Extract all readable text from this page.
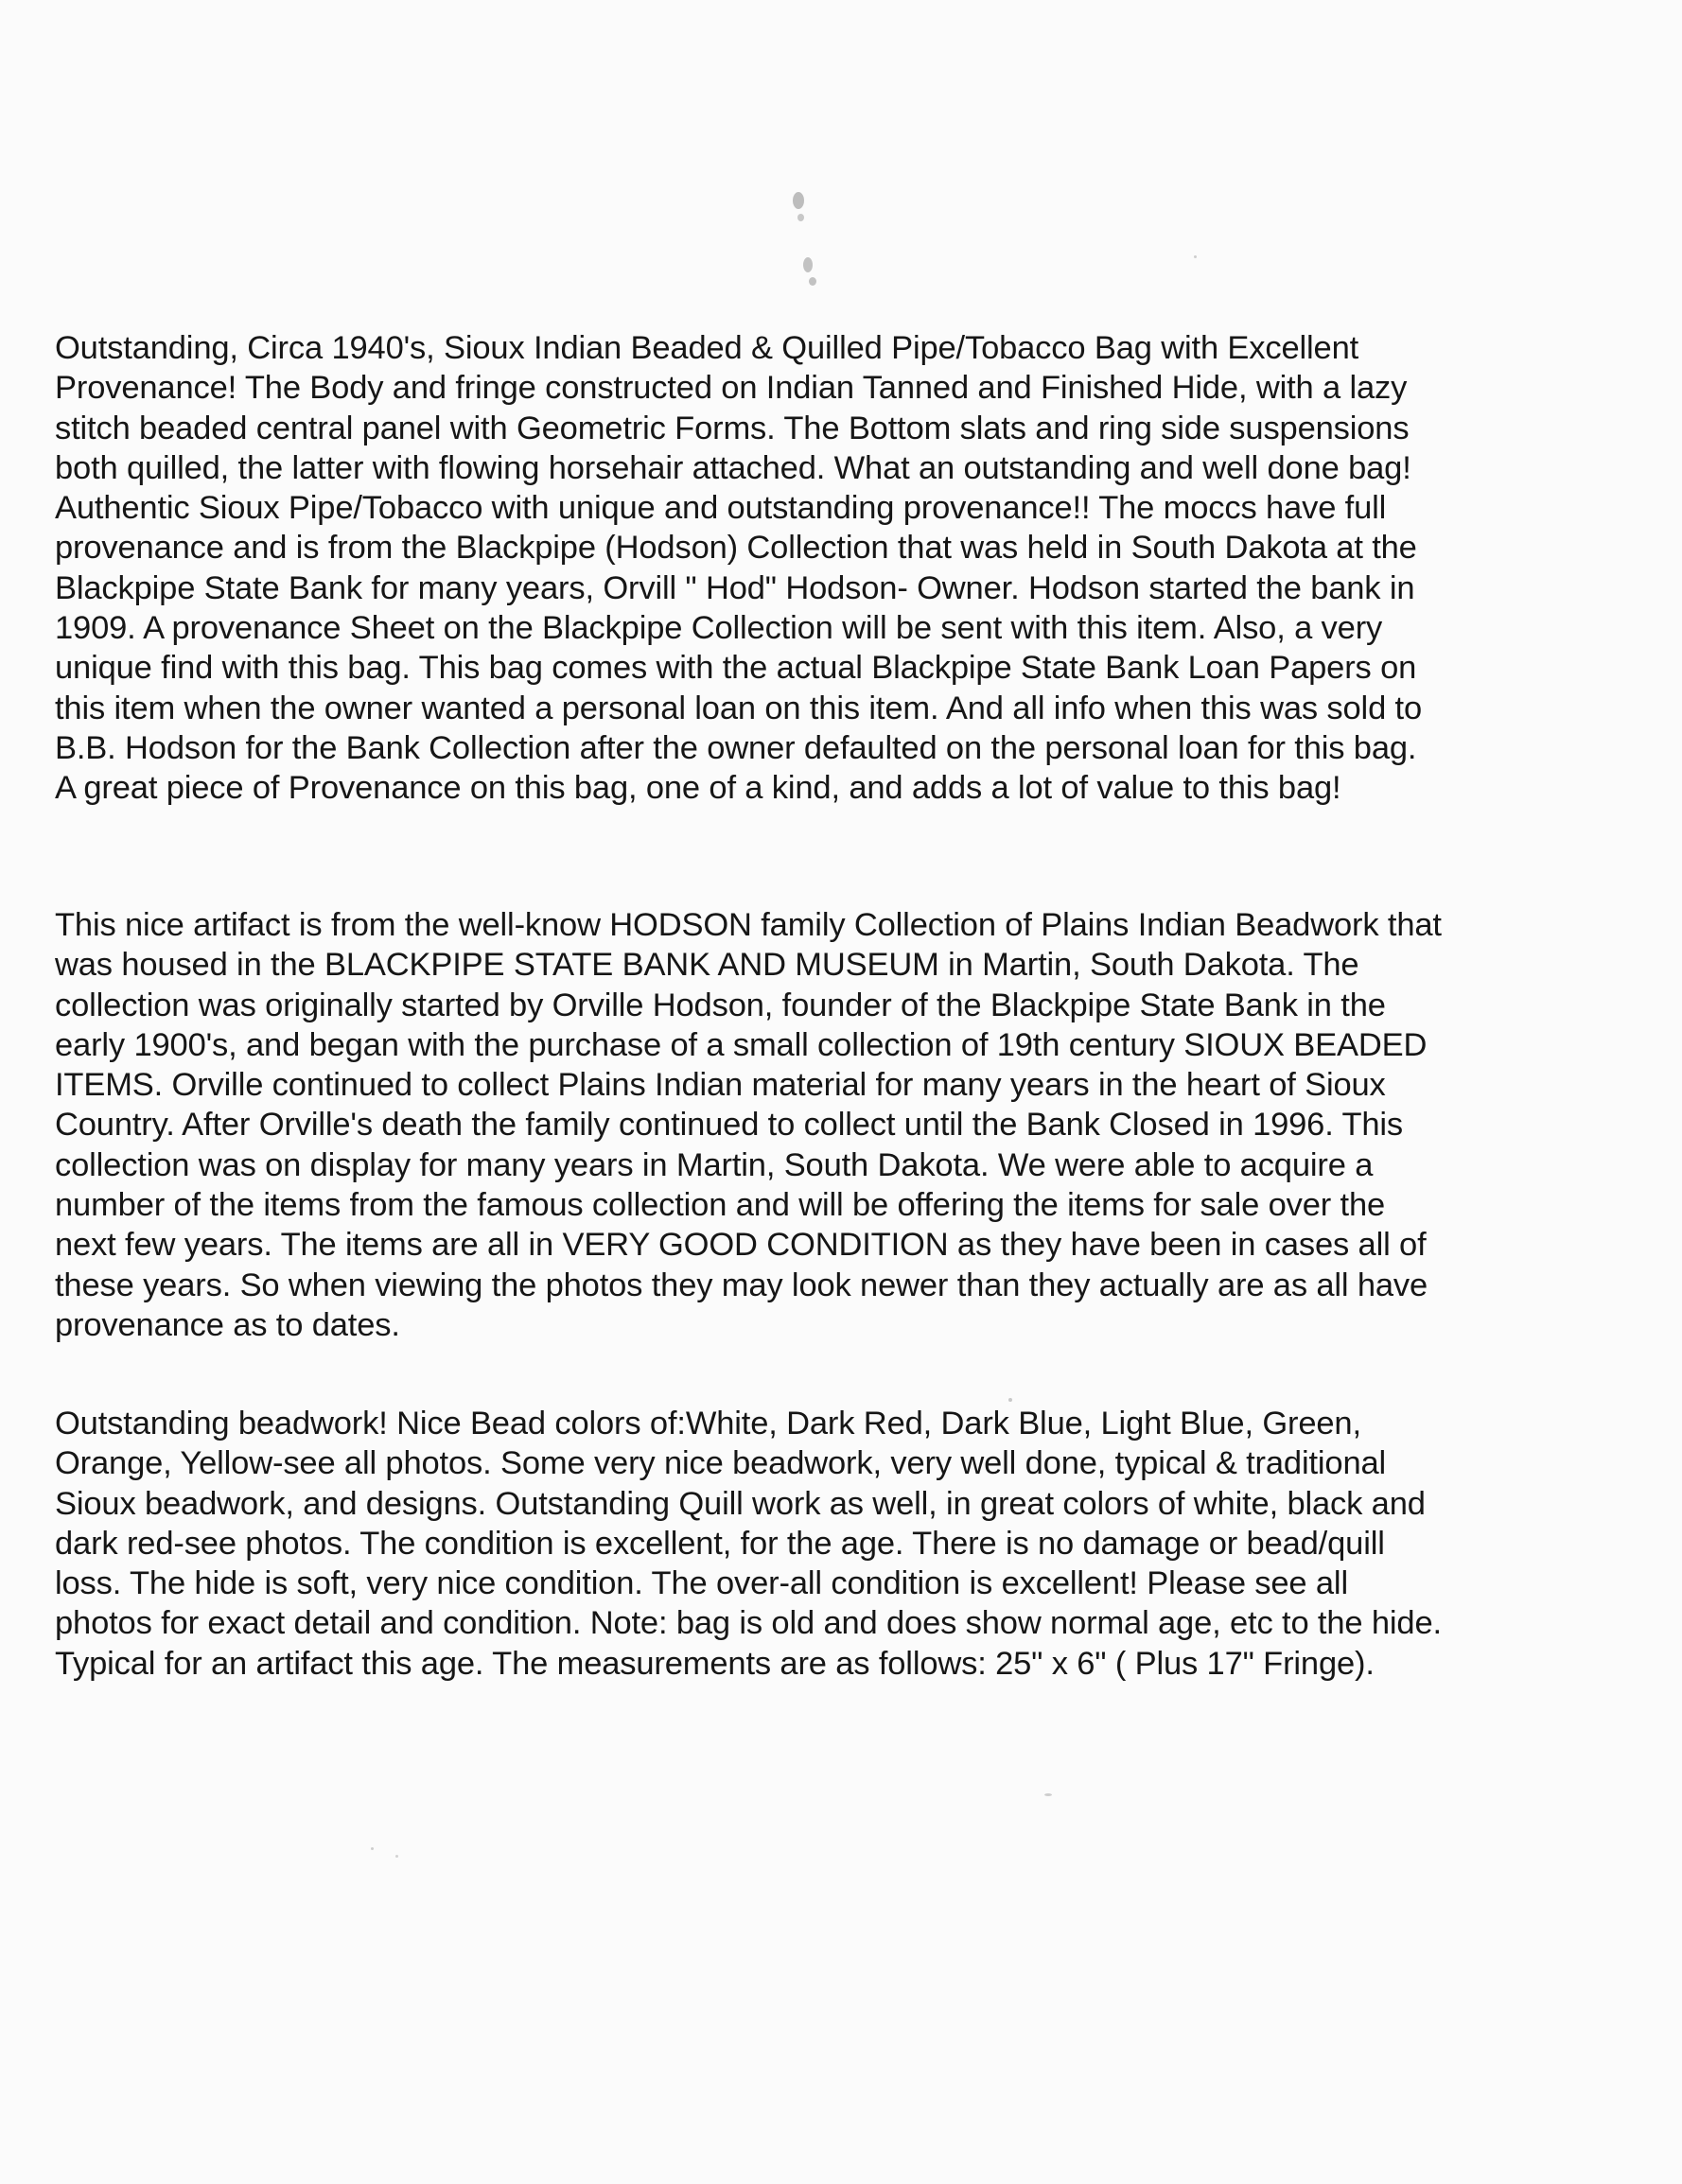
Outstanding, Circa 1940's, Sioux Indian Beaded & Quilled Pipe/Tobacco Bag with Excellent
Provenance! The Body and fringe constructed on Indian Tanned and Finished Hide, with a lazy
stitch beaded central panel with Geometric Forms. The Bottom slats and ring side suspensions
both quilled, the latter with flowing horsehair attached. What an outstanding and well done bag!
Authentic Sioux Pipe/Tobacco with unique and outstanding provenance!! The moccs have full
provenance and is from the Blackpipe (Hodson) Collection that was held in South Dakota at the
Blackpipe State Bank for many years, Orvill " Hod" Hodson- Owner. Hodson started the bank in
1909. A provenance Sheet on the Blackpipe Collection will be sent with this item. Also, a very
unique find with this bag. This bag comes with the actual Blackpipe State Bank Loan Papers on
this item when the owner wanted a personal loan on this item. And all info when this was sold to
B.B. Hodson for the Bank Collection after the owner defaulted on the personal loan for this bag.
A great piece of Provenance on this bag, one of a kind, and adds a lot of value to this bag!
This nice artifact is from the well-know HODSON family Collection of Plains Indian Beadwork that
was housed in the BLACKPIPE STATE BANK AND MUSEUM in Martin, South Dakota. The
collection was originally started by Orville Hodson, founder of the Blackpipe State Bank in the
early 1900's, and began with the purchase of a small collection of 19th century SIOUX BEADED
ITEMS. Orville continued to collect Plains Indian material for many years in the heart of Sioux
Country. After Orville's death the family continued to collect until the Bank Closed in 1996. This
collection was on display for many years in Martin, South Dakota. We were able to acquire a
number of the items from the famous collection and will be offering the items for sale over the
next few years. The items are all in VERY GOOD CONDITION as they have been in cases all of
these years. So when viewing the photos they may look newer than they actually are as all have
provenance as to dates.
Outstanding beadwork! Nice Bead colors of:White, Dark Red, Dark Blue, Light Blue, Green,
Orange, Yellow-see all photos. Some very nice beadwork, very well done, typical & traditional
Sioux beadwork, and designs. Outstanding Quill work as well, in great colors of white, black and
dark red-see photos. The condition is excellent, for the age. There is no damage or bead/quill
loss. The hide is soft, very nice condition. The over-all condition is excellent! Please see all
photos for exact detail and condition. Note: bag is old and does show normal age, etc to the hide.
Typical for an artifact this age. The measurements are as follows: 25" x 6" ( Plus 17" Fringe).
